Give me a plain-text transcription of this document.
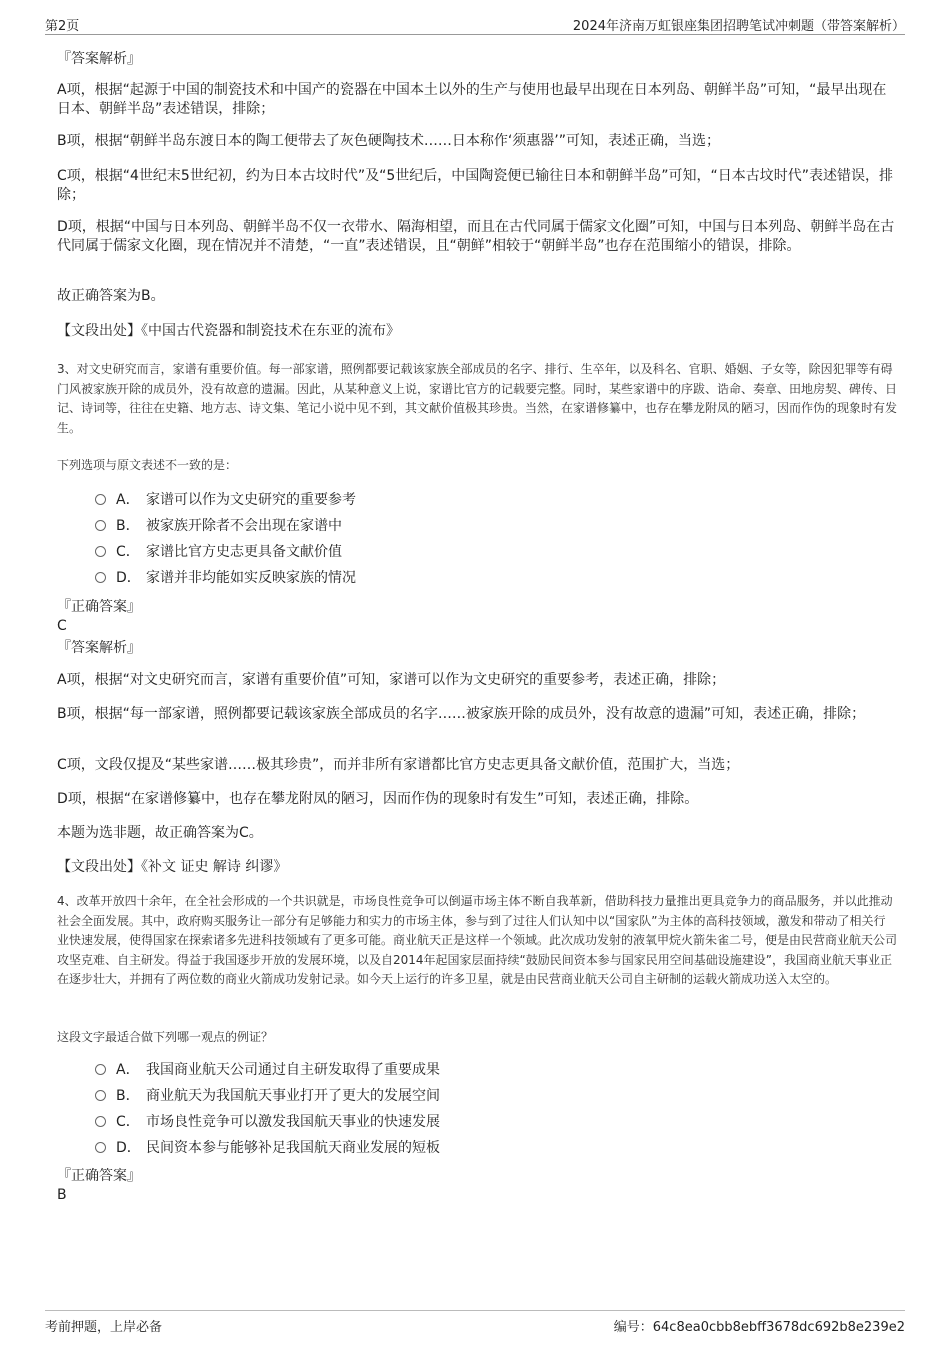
第2页	2024年济南万虹银座集团招聘笔试冲刺题（带答案解析）
『答案解析』
A项，根据“起源于中国的制瓷技术和中国产的瓷器在中国本土以外的生产与使用也最早出现在日本列岛、朝鲜半岛”可知，“最早出现在日本、朝鲜半岛”表述错误，排除；
B项，根据“朝鲜半岛东渡日本的陶工便带去了灰色硬陶技术……日本称作‘须惠器’”可知，表述正确，当选；
C项，根据“4世纪末5世纪初，约为日本古坟时代”及“5世纪后，中国陶瓷便已输往日本和朝鲜半岛”可知，“日本古坟时代”表述错误，排除；
D项，根据“中国与日本列岛、朝鲜半岛不仅一衣带水、隔海相望，而且在古代同属于儒家文化圈”可知，中国与日本列岛、朝鲜半岛在古代同属于儒家文化圈，现在情况并不清楚，“一直”表述错误，且“朝鲜”相较于“朝鲜半岛”也存在范围缩小的错误，排除。
故正确答案为B。
【文段出处】《中国古代瓷器和制瓷技术在东亚的流布》
3、对文史研究而言，家谱有重要价值。每一部家谱，照例都要记载该家族全部成员的名字、排行、生卒年，以及科名、官职、婚姻、子女等，除因犯罪等有碍门风被家族开除的成员外，没有故意的遗漏。因此，从某种意义上说，家谱比官方的记载要完整。同时，某些家谱中的序跋、诰命、奏章、田地房契、碑传、日记、诗词等，往往在史籍、地方志、诗文集、笔记小说中见不到，其文献价值极其珍贵。当然，在家谱修纂中，也存在攀龙附凤的陋习，因而作伪的现象时有发生。
下列选项与原文表述不一致的是：
A． 家谱可以作为文史研究的重要参考
B． 被家族开除者不会出现在家谱中
C． 家谱比官方史志更具备文献价值
D． 家谱并非均能如实反映家族的情况
『正确答案』
C
『答案解析』
A项，根据“对文史研究而言，家谱有重要价值”可知，家谱可以作为文史研究的重要参考，表述正确，排除；
B项，根据“每一部家谱，照例都要记载该家族全部成员的名字……被家族开除的成员外，没有故意的遗漏”可知，表述正确，排除；
C项，文段仅提及“某些家谱……极其珍贵”，而并非所有家谱都比官方史志更具备文献价值，范围扩大，当选；
D项，根据“在家谱修纂中，也存在攀龙附凤的陋习，因而作伪的现象时有发生”可知，表述正确，排除。
本题为选非题，故正确答案为C。
【文段出处】《补文 证史 解诗 纠谬》
4、改革开放四十余年，在全社会形成的一个共识就是，市场良性竞争可以倒逼市场主体不断自我革新，借助科技力量推出更具竞争力的商品服务，并以此推动社会全面发展。其中，政府购买服务让一部分有足够能力和实力的市场主体，参与到了过往人们认知中以“国家队”为主体的高科技领域，激发和带动了相关行业快速发展，使得国家在探索诸多先进科技领域有了更多可能。商业航天正是这样一个领域。此次成功发射的液氧甲烷火箭朱雀二号，便是由民营商业航天公司攻坚克难、自主研发。得益于我国逐步开放的发展环境，以及自2014年起国家层面持续“鼓励民间资本参与国家民用空间基础设施建设”，我国商业航天事业正在逐步壮大，并拥有了两位数的商业火箭成功发射记录。如今天上运行的许多卫星，就是由民营商业航天公司自主研制的运载火箭成功送入太空的。
这段文字最适合做下列哪一观点的例证？
A． 我国商业航天公司通过自主研发取得了重要成果
B． 商业航天为我国航天事业打开了更大的发展空间
C． 市场良性竞争可以激发我国航天事业的快速发展
D． 民间资本参与能够补足我国航天商业发展的短板
『正确答案』
B
考前押题，上岸必备	编号：64c8ea0cbb8ebff3678dc692b8e239e2
